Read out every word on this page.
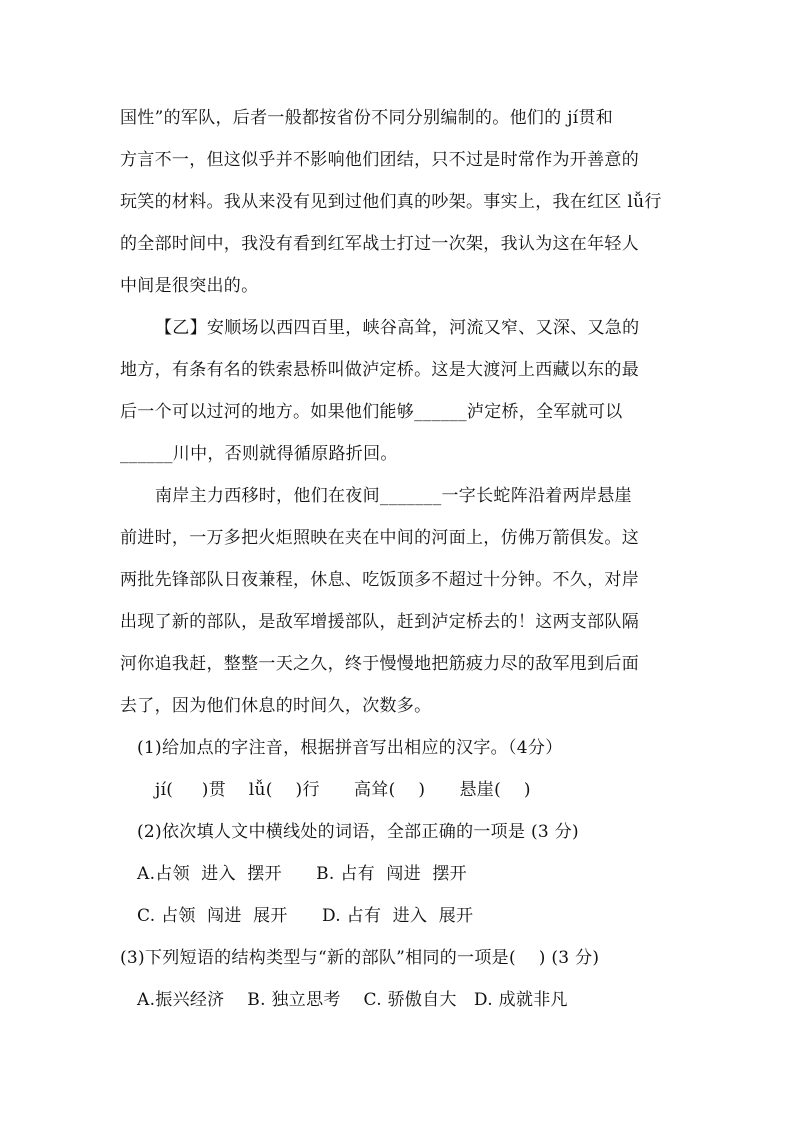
国性”的军队，后者一般都按省份不同分别编制的。他们的 jí贯和
方言不一，但这似乎并不影响他们团结，只不过是时常作为开善意的
玩笑的材料。我从来没有见到过他们真的吵架。事实上，我在红区 lǚ行
的全部时间中，我没有看到红军战士打过一次架，我认为这在年轻人
中间是很突出的。
【乙】安顺场以西四百里，峡谷高耸，河流又窄、又深、又急的
地方，有条有名的铁索悬桥叫做泸定桥。这是大渡河上西藏以东的最
后一个可以过河的地方。如果他们能够______泸定桥，全军就可以
______川中，否则就得循原路折回。
南岸主力西移时，他们在夜间_______一字长蛇阵沿着两岸悬崖
前进时，一万多把火炬照映在夹在中间的河面上，仿佛万箭俱发。这
两批先锋部队日夜兼程，休息、吃饭顶多不超过十分钟。不久，对岸
出现了新的部队，是敌军增援部队，赶到泸定桥去的！这两支部队隔
河你追我赶，整整一天之久，终于慢慢地把筋疲力尽的敌军甩到后面
去了，因为他们休息的时间久，次数多。
(1)给加点的字注音，根据拼音写出相应的汉字。（4分）
jí(     )贯    lǚ(    )行      高耸(    )      悬崖(    )
(2)依次填人文中横线处的词语，全部正确的一项是 (3 分)
A.占领  进入  摆开      B. 占有  闯进  摆开
C. 占领  闯进  展开      D. 占有  进入  展开
(3)下列短语的结构类型与“新的部队”相同的一项是(    ) (3 分)
A.振兴经济    B. 独立思考    C. 骄傲自大   D. 成就非凡
